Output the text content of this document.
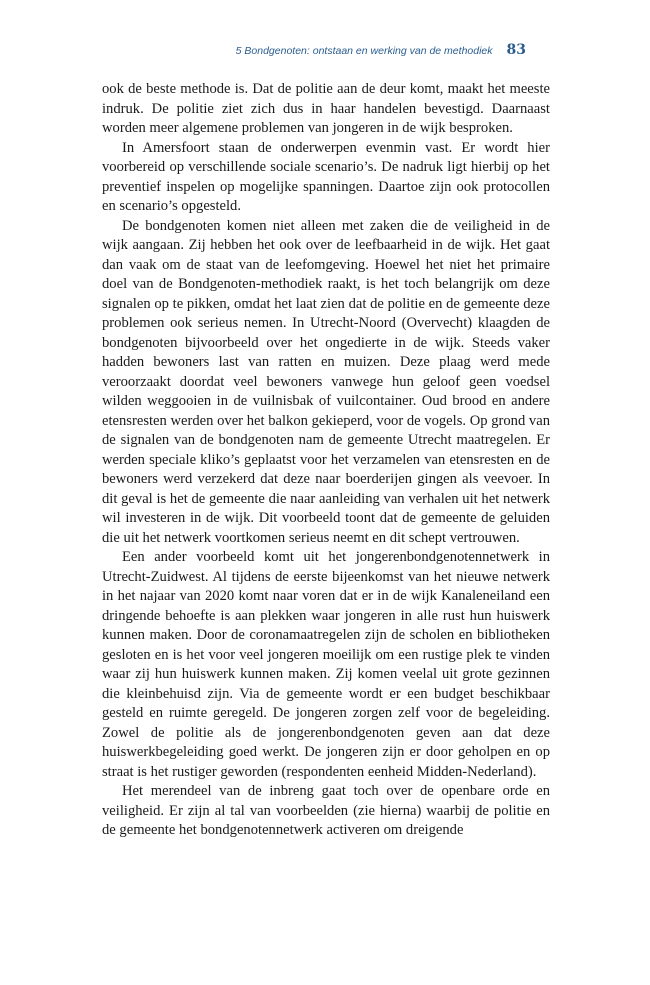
5 Bondgenoten: ontstaan en werking van de methodiek 83

ook de beste methode is. Dat de politie aan de deur komt, maakt het meeste indruk. De politie ziet zich dus in haar handelen bevestigd. Daarnaast worden meer algemene problemen van jongeren in de wijk besproken.

In Amersfoort staan de onderwerpen evenmin vast. Er wordt hier voorbereid op verschillende sociale scenario’s. De nadruk ligt hierbij op het preventief inspelen op mogelijke spanningen. Daartoe zijn ook protocollen en scenario’s opgesteld.

De bondgenoten komen niet alleen met zaken die de veiligheid in de wijk aangaan. Zij hebben het ook over de leefbaarheid in de wijk. Het gaat dan vaak om de staat van de leefomgeving. Hoewel het niet het primaire doel van de Bondgenoten-methodiek raakt, is het toch belangrijk om deze signalen op te pikken, omdat het laat zien dat de politie en de gemeente deze problemen ook serieus nemen. In Utrecht-Noord (Overvecht) klaagden de bondgenoten bijvoorbeeld over het ongedierte in de wijk. Steeds vaker hadden bewoners last van ratten en muizen. Deze plaag werd mede veroorzaakt doordat veel bewoners vanwege hun geloof geen voedsel wilden weggooien in de vuilnisbak of vuilcontainer. Oud brood en andere etensresten werden over het balkon gekieperd, voor de vogels. Op grond van de signalen van de bondgenoten nam de gemeente Utrecht maatregelen. Er werden speciale kliko’s geplaatst voor het verzamelen van etensresten en de bewoners werd verzekerd dat deze naar boerderijen gingen als veevoer. In dit geval is het de gemeente die naar aanleiding van verhalen uit het netwerk wil investeren in de wijk. Dit voorbeeld toont dat de gemeente de geluiden die uit het netwerk voortkomen serieus neemt en dit schept vertrouwen.

Een ander voorbeeld komt uit het jongerenbondgenotennetwerk in Utrecht-Zuidwest. Al tijdens de eerste bijeenkomst van het nieuwe netwerk in het najaar van 2020 komt naar voren dat er in de wijk Kanaleneiland een dringende behoefte is aan plekken waar jongeren in alle rust hun huiswerk kunnen maken. Door de coronamaatregelen zijn de scholen en bibliotheken gesloten en is het voor veel jongeren moeilijk om een rustige plek te vinden waar zij hun huiswerk kunnen maken. Zij komen veelal uit grote gezinnen die kleinbehuisd zijn. Via de gemeente wordt er een budget beschikbaar gesteld en ruimte geregeld. De jongeren zorgen zelf voor de begeleiding. Zowel de politie als de jongerenbondgenoten geven aan dat deze huiswerkbegeleiding goed werkt. De jongeren zijn er door geholpen en op straat is het rustiger geworden (respondenten eenheid Midden-Nederland).

Het merendeel van de inbreng gaat toch over de openbare orde en veiligheid. Er zijn al tal van voorbeelden (zie hierna) waarbij de politie en de gemeente het bondgenotennetwerk activeren om dreigende
